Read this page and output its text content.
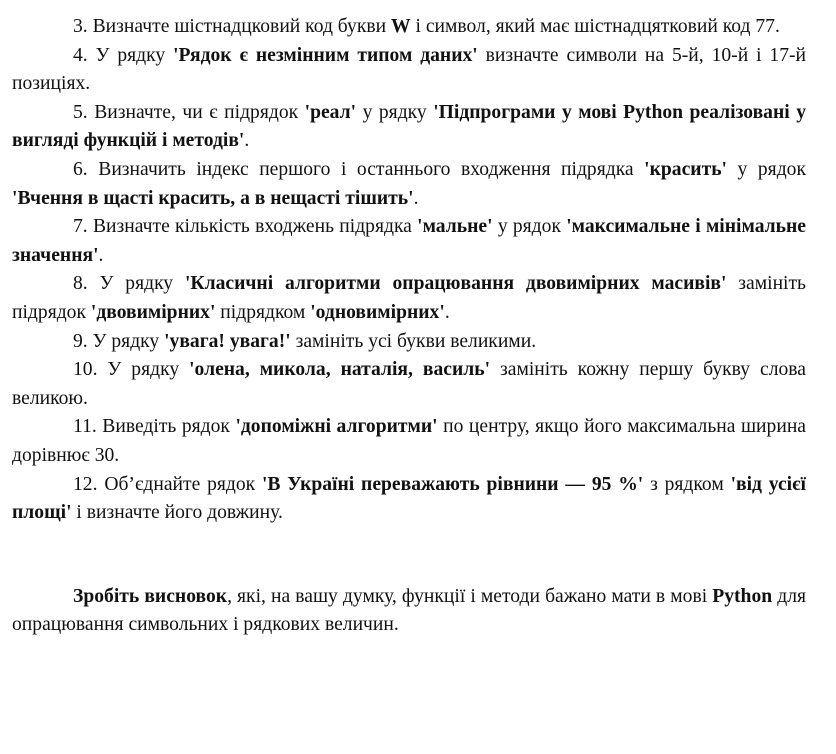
3. Визначте шістнадцковий код букви W і символ, який має шістнадцятковий код 77.

4. У рядку 'Рядок є незмінним типом даних' визначте символи на 5-й, 10-й і 17-й позиціях.

5. Визначте, чи є підрядок 'реал' у рядку 'Підпрограми у мові Python реалізовані у вигляді функцій і методів'.

6. Визначить індекс першого і останнього входження підрядка 'красить' у рядок 'Вчення в щасті красить, а в нещасті тішить'.

7. Визначте кількість входжень підрядка 'мальне' у рядок 'максимальне і мінімальне значення'.

8. У рядку 'Класичні алгоритми опрацювання двовимірних масивів' замініть підрядок 'двовимірних' підрядком 'одновимірних'.

9. У рядку 'увага! увага!' замініть усі букви великими.

10. У рядку 'олена, микола, наталія, василь' замініть кожну першу букву слова великою.

11. Виведіть рядок 'допоміжні алгоритми' по центру, якщо його максимальна ширина дорівнює 30.

12. Об’єднайте рядок 'В Україні переважають рівнини — 95 %' з рядком 'від усієї площі' і визначте його довжину.

Зробіть висновок, які, на вашу думку, функції і методи бажано мати в мові Python для опрацювання символьних і рядкових величин.
